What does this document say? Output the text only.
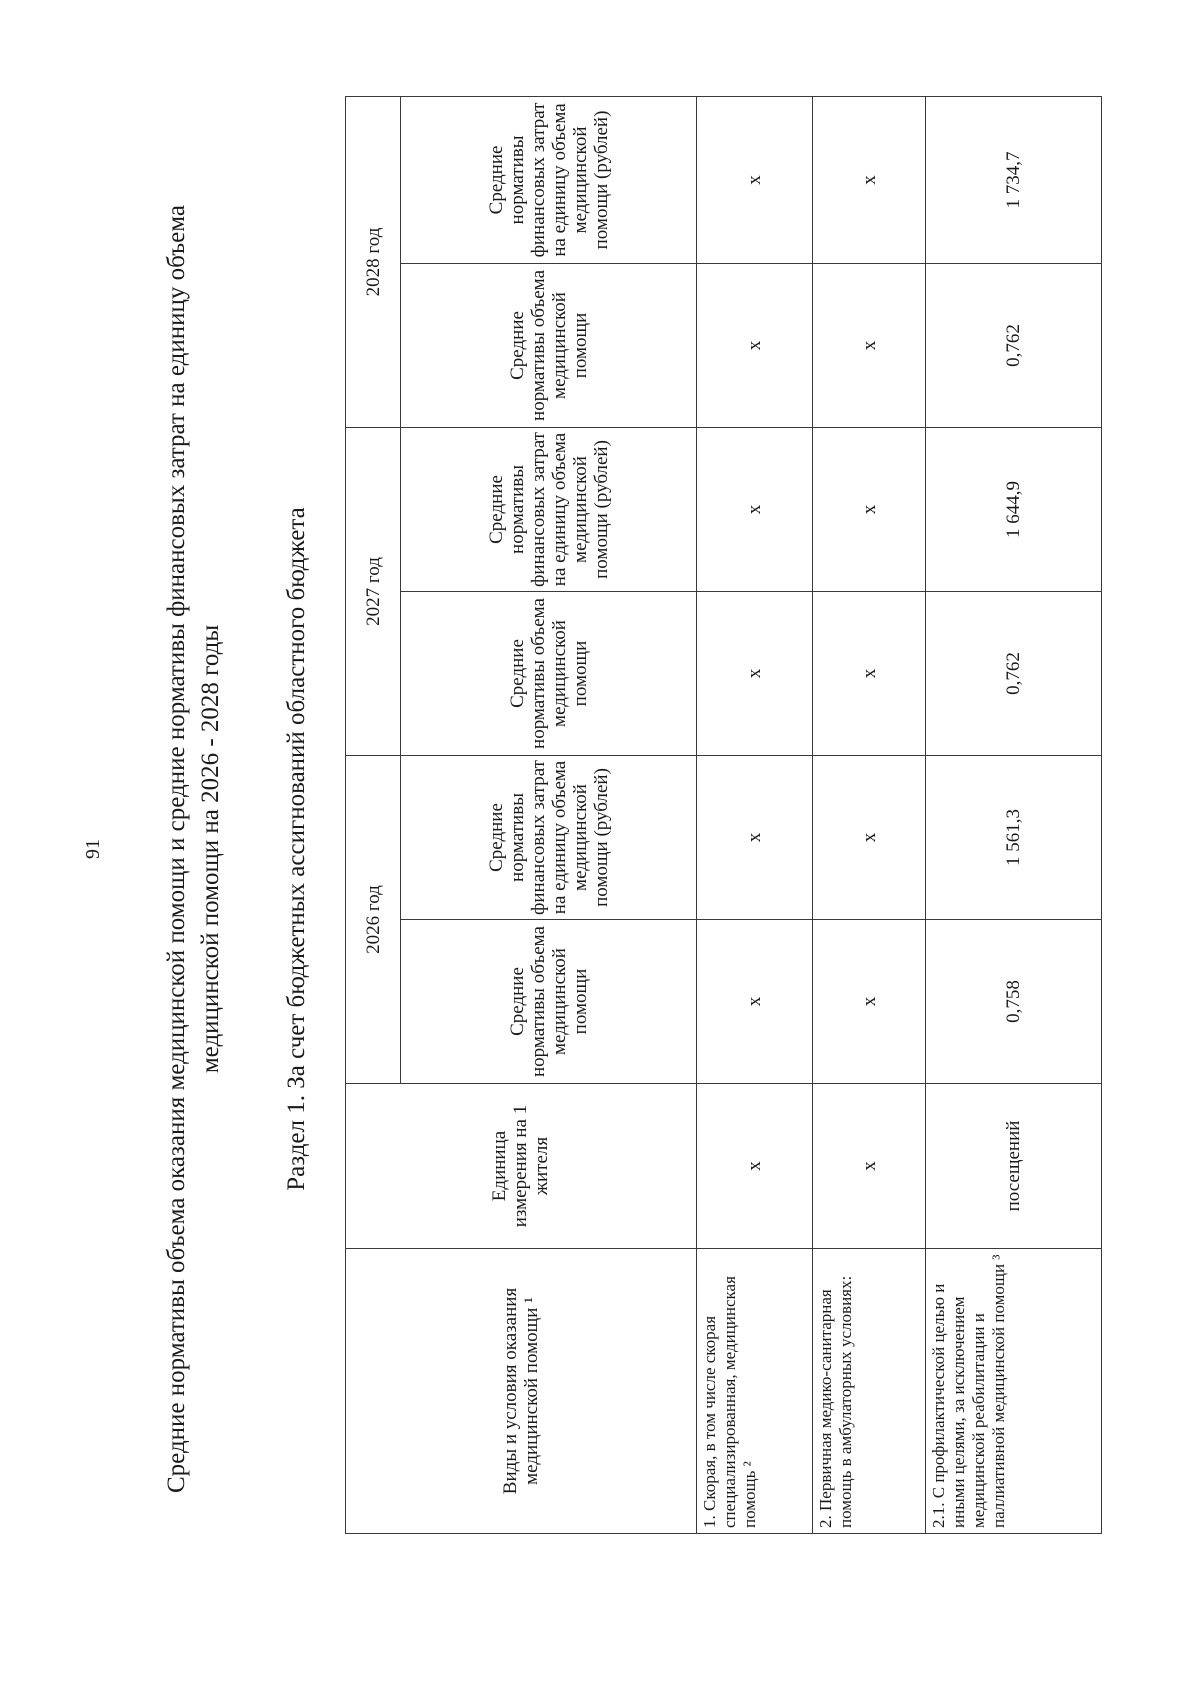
91 Средние нормативы объема оказания медицинской помощи и средние нормативы финансовых затрат на единицу объема медицинской помощи на 2026 - 2028 годы Раздел 1. За счет бюджетных ассигнований областного бюджета
Виды и условия оказания медицинской помощи ¹	Единица измерения на 1 жителя	2026 год		2027 год		2028 год	
		Средние нормативы объема медицинской помощи	Средние нормативы финансовых затрат на единицу объема медицинской помощи (рублей)	Средние нормативы объема медицинской помощи	Средние нормативы финансовых затрат на единицу объема медицинской помощи (рублей)	Средние нормативы объема медицинской помощи	Средние нормативы финансовых затрат на единицу объема медицинской помощи (рублей)
1. Скорая, в том числе скорая специализированная, медицинская помощь ²	х	х	х	х	х	х	х
2. Первичная медико-санитарная помощь в амбулаторных условиях:	х	х	х	х	х	х	х
2.1. С профилактической целью и иными целями, за исключением медицинской реабилитации и паллиативной медицинской помощи ³	посещений	0,758	1 561,3	0,762	1 644,9	0,762	1 734,7
